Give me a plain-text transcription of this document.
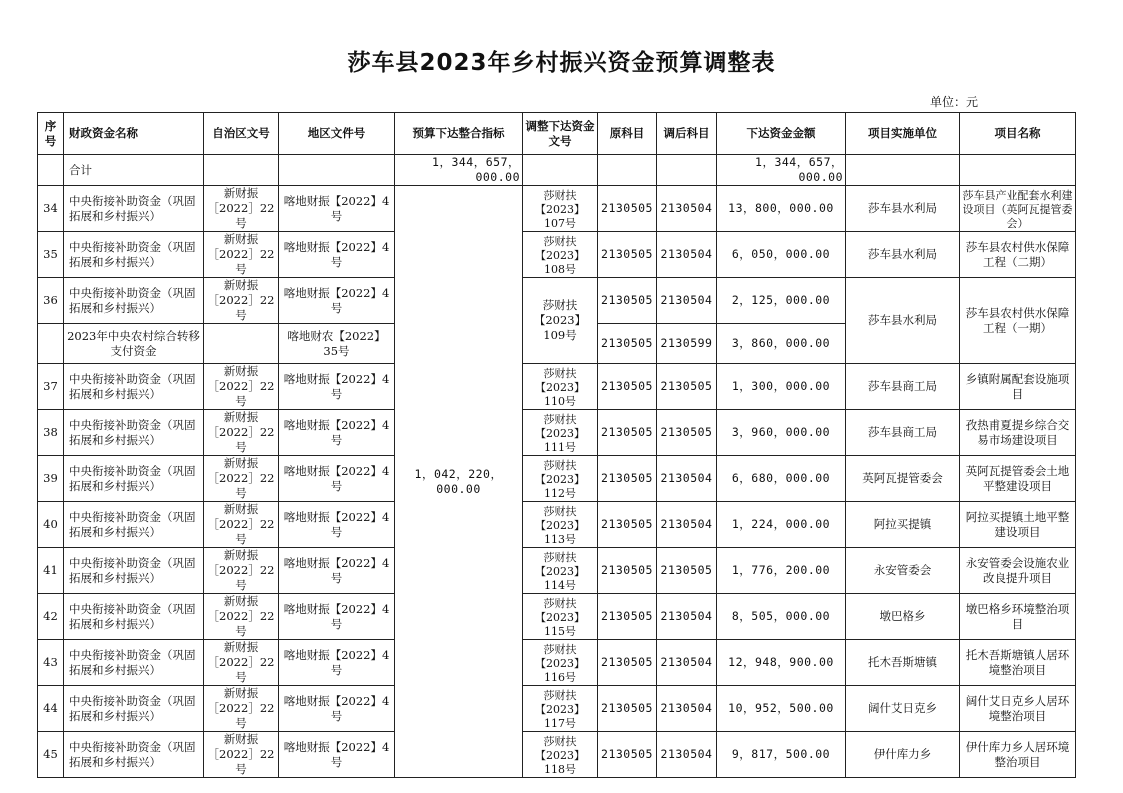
莎车县2023年乡村振兴资金预算调整表
单位：元
序号	财政资金名称	自治区文号	地区文件号	预算下达整合指标	调整下达资金文号	原科目	调后科目	下达资金金额	项目实施单位	项目名称
	合计			1，344，657，000.00				1，344，657，000.00		
34	中央衔接补助资金（巩固拓展和乡村振兴）	新财振［2022］22号	喀地财振【2022】4号	1，042，220，000.00	莎财扶【2023】107号	2130505	2130504	13，800，000.00	莎车县水利局	莎车县产业配套水利建设项目（英阿瓦提管委会）

35	中央衔接补助资金（巩固拓展和乡村振兴）	新财振［2022］22号	喀地财振【2022】4号		莎财扶【2023】108号	2130505	2130504	6，050，000.00	莎车县水利局	莎车县农村供水保障工程（二期）
36	中央衔接补助资金（巩固拓展和乡村振兴）	新财振［2022］22号	喀地财振【2022】4号		莎财扶【2023】109号	2130505	2130504	2，125，000.00	莎车县水利局	莎车县农村供水保障工程（一期）
	2023年中央农村综合转移支付资金		喀地财农【2022】35号			2130505	2130599	3，860，000.00		
37	中央衔接补助资金（巩固拓展和乡村振兴）	新财振［2022］22号	喀地财振【2022】4号		莎财扶【2023】110号	2130505	2130505	1，300，000.00	莎车县商工局	乡镇附属配套设施项目
38	中央衔接补助资金（巩固拓展和乡村振兴）	新财振［2022］22号	喀地财振【2022】4号		莎财扶【2023】111号	2130505	2130505	3，960，000.00	莎车县商工局	孜热甫夏提乡综合交易市场建设项目
39	中央衔接补助资金（巩固拓展和乡村振兴）	新财振［2022］22号	喀地财振【2022】4号		莎财扶【2023】112号	2130505	2130504	6，680，000.00	英阿瓦提管委会	英阿瓦提管委会土地平整建设项目
40	中央衔接补助资金（巩固拓展和乡村振兴）	新财振［2022］22号	喀地财振【2022】4号		莎财扶【2023】113号	2130505	2130504	1，224，000.00	阿拉买提镇	阿拉买提镇土地平整建设项目
41	中央衔接补助资金（巩固拓展和乡村振兴）	新财振［2022］22号	喀地财振【2022】4号		莎财扶【2023】114号	2130505	2130505	1，776，200.00	永安管委会	永安管委会设施农业改良提升项目
42	中央衔接补助资金（巩固拓展和乡村振兴）	新财振［2022］22号	喀地财振【2022】4号		莎财扶【2023】115号	2130505	2130504	8，505，000.00	墩巴格乡	墩巴格乡环境整治项目
43	中央衔接补助资金（巩固拓展和乡村振兴）	新财振［2022］22号	喀地财振【2022】4号		莎财扶【2023】116号	2130505	2130504	12，948，900.00	托木吾斯塘镇	托木吾斯塘镇人居环境整治项目
44	中央衔接补助资金（巩固拓展和乡村振兴）	新财振［2022］22号	喀地财振【2022】4号		莎财扶【2023】117号	2130505	2130504	10，952，500.00	阔什艾日克乡	阔什艾日克乡人居环境整治项目
45	中央衔接补助资金（巩固拓展和乡村振兴）	新财振［2022］22号	喀地财振【2022】4号		莎财扶【2023】118号	2130505	2130504	9，817，500.00	伊什库力乡	伊什库力乡人居环境整治项目
